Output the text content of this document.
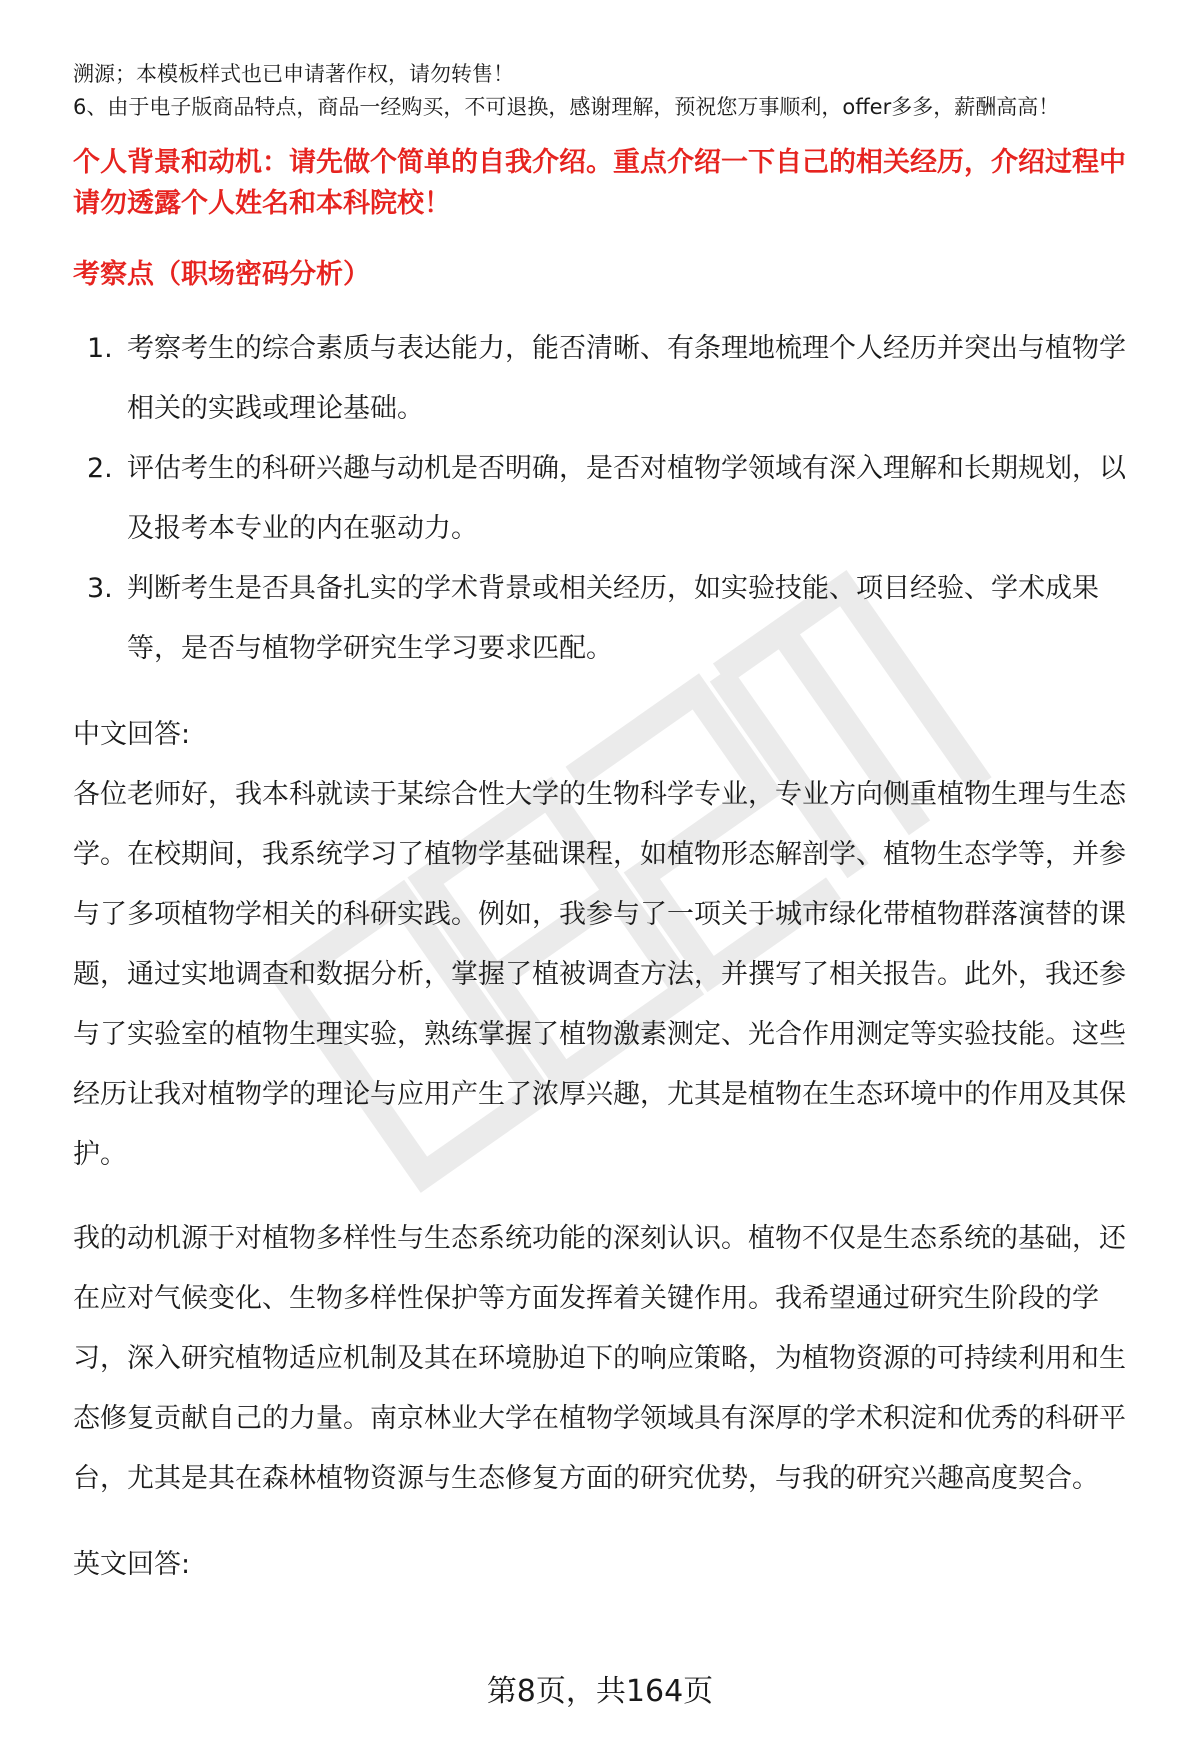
溯源；本模板样式也已申请著作权，请勿转售！

6、由于电子版商品特点，商品一经购买，不可退换，感谢理解，预祝您万事顺利，offer多多，薪酬高高！

个人背景和动机：请先做个简单的自我介绍。重点介绍一下自己的相关经历，介绍过程中请勿透露个人姓名和本科院校！

考察点（职场密码分析）

1. 考察考生的综合素质与表达能力，能否清晰、有条理地梳理个人经历并突出与植物学相关的实践或理论基础。
2. 评估考生的科研兴趣与动机是否明确，是否对植物学领域有深入理解和长期规划，以及报考本专业的内在驱动力。
3. 判断考生是否具备扎实的学术背景或相关经历，如实验技能、项目经验、学术成果等，是否与植物学研究生学习要求匹配。

中文回答:

各位老师好，我本科就读于某综合性大学的生物科学专业，专业方向侧重植物生理与生态学。在校期间，我系统学习了植物学基础课程，如植物形态解剖学、植物生态学等，并参与了多项植物学相关的科研实践。例如，我参与了一项关于城市绿化带植物群落演替的课题，通过实地调查和数据分析，掌握了植被调查方法，并撰写了相关报告。此外，我还参与了实验室的植物生理实验，熟练掌握了植物激素测定、光合作用测定等实验技能。这些经历让我对植物学的理论与应用产生了浓厚兴趣，尤其是植物在生态环境中的作用及其保护。

我的动机源于对植物多样性与生态系统功能的深刻认识。植物不仅是生态系统的基础，还在应对气候变化、生物多样性保护等方面发挥着关键作用。我希望通过研究生阶段的学习，深入研究植物适应机制及其在环境胁迫下的响应策略，为植物资源的可持续利用和生态修复贡献自己的力量。南京林业大学在植物学领域具有深厚的学术积淀和优秀的科研平台，尤其是其在森林植物资源与生态修复方面的研究优势，与我的研究兴趣高度契合。

英文回答:

第8页，共164页
